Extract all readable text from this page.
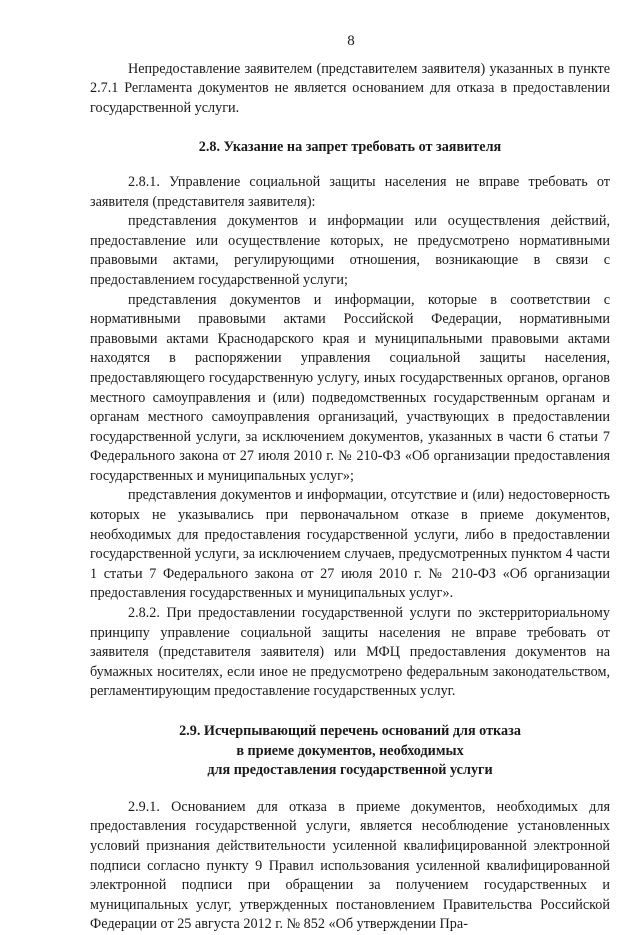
8

Непредоставление заявителем (представителем заявителя) указанных в пункте 2.7.1 Регламента документов не является основанием для отказа в предоставлении государственной услуги.

2.8. Указание на запрет требовать от заявителя

2.8.1. Управление социальной защиты населения не вправе требовать от заявителя (представителя заявителя):

представления документов и информации или осуществления действий, предоставление или осуществление которых, не предусмотрено нормативными правовыми актами, регулирующими отношения, возникающие в связи с предоставлением государственной услуги;

представления документов и информации, которые в соответствии с нормативными правовыми актами Российской Федерации, нормативными правовыми актами Краснодарского края и муниципальными правовыми актами находятся в распоряжении управления социальной защиты населения, предоставляющего государственную услугу, иных государственных органов, органов местного самоуправления и (или) подведомственных государственным органам и органам местного самоуправления организаций, участвующих в предоставлении государственной услуги, за исключением документов, указанных в части 6 статьи 7 Федерального закона от 27 июля 2010 г. № 210-ФЗ «Об организации предоставления государственных и муниципальных услуг»;

представления документов и информации, отсутствие и (или) недостоверность которых не указывались при первоначальном отказе в приеме документов, необходимых для предоставления государственной услуги, либо в предоставлении государственной услуги, за исключением случаев, предусмотренных пунктом 4 части 1 статьи 7 Федерального закона от 27 июля 2010 г. № 210-ФЗ «Об организации предоставления государственных и муниципальных услуг».

2.8.2. При предоставлении государственной услуги по экстерриториальному принципу управление социальной защиты населения не вправе требовать от заявителя (представителя заявителя) или МФЦ предоставления документов на бумажных носителях, если иное не предусмотрено федеральным законодательством, регламентирующим предоставление государственных услуг.

2.9. Исчерпывающий перечень оснований для отказа
в приеме документов, необходимых
для предоставления государственной услуги

2.9.1. Основанием для отказа в приеме документов, необходимых для предоставления государственной услуги, является несоблюдение установленных условий признания действительности усиленной квалифицированной электронной подписи согласно пункту 9 Правил использования усиленной квалифицированной электронной подписи при обращении за получением государственных и муниципальных услуг, утвержденных постановлением Правительства Российской Федерации от 25 августа 2012 г. № 852 «Об утверждении Пра-
